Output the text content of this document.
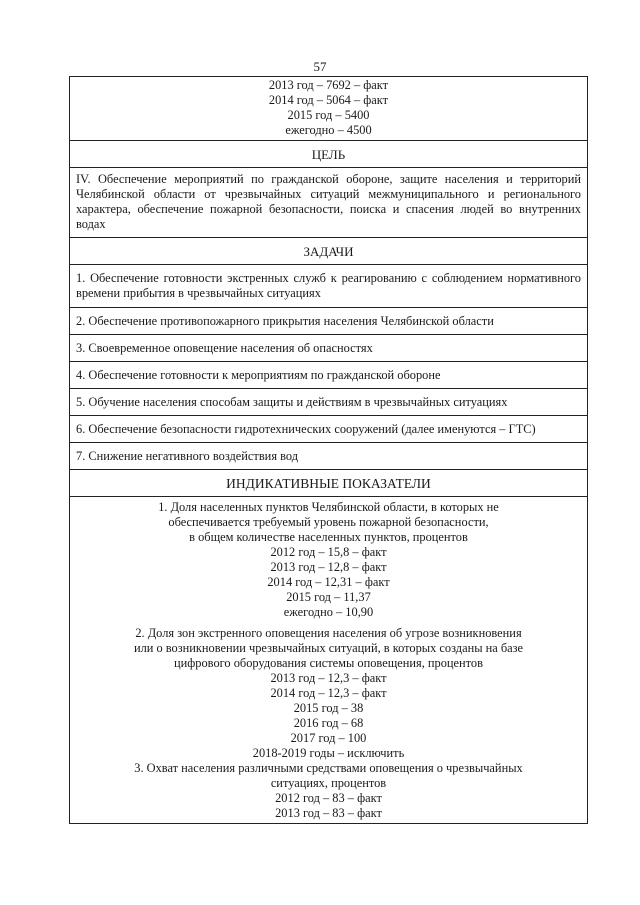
57
2013 год – 7692 – факт
2014 год – 5064 – факт
2015 год – 5400
ежегодно – 4500

ЦЕЛЬ
IV. Обеспечение мероприятий по гражданской обороне, защите населения и территорий Челябинской области от чрезвычайных ситуаций межмуниципального и регионального характера, обеспечение пожарной безопасности, поиска и спасения людей во внутренних водах
ЗАДАЧИ
1. Обеспечение готовности экстренных служб к реагированию с соблюдением нормативного времени прибытия в чрезвычайных ситуациях
2. Обеспечение противопожарного прикрытия населения Челябинской области
3. Своевременное оповещение населения об опасностях
4. Обеспечение готовности к мероприятиям по гражданской обороне
5. Обучение населения способам защиты и действиям в чрезвычайных ситуациях
6. Обеспечение безопасности гидротехнических сооружений (далее именуются – ГТС)
7. Снижение негативного воздействия вод
ИНДИКАТИВНЫЕ ПОКАЗАТЕЛИ

1. Доля населенных пунктов Челябинской области, в которых не
обеспечивается требуемый уровень пожарной безопасности,
в общем количестве населенных пунктов, процентов
2012 год – 15,8 – факт
2013 год – 12,8 – факт
2014 год – 12,31 – факт
2015 год – 11,37
ежегодно – 10,90
2. Доля зон экстренного оповещения населения об угрозе возникновения
или о возникновении чрезвычайных ситуаций, в которых созданы на базе
цифрового оборудования системы оповещения, процентов
2013 год – 12,3 – факт
2014 год – 12,3 – факт
2015 год – 38
2016 год – 68
2017 год – 100
2018-2019 годы – исключить
3. Охват населения различными средствами оповещения о чрезвычайных
ситуациях, процентов
2012 год – 83 – факт
2013 год – 83 – факт
